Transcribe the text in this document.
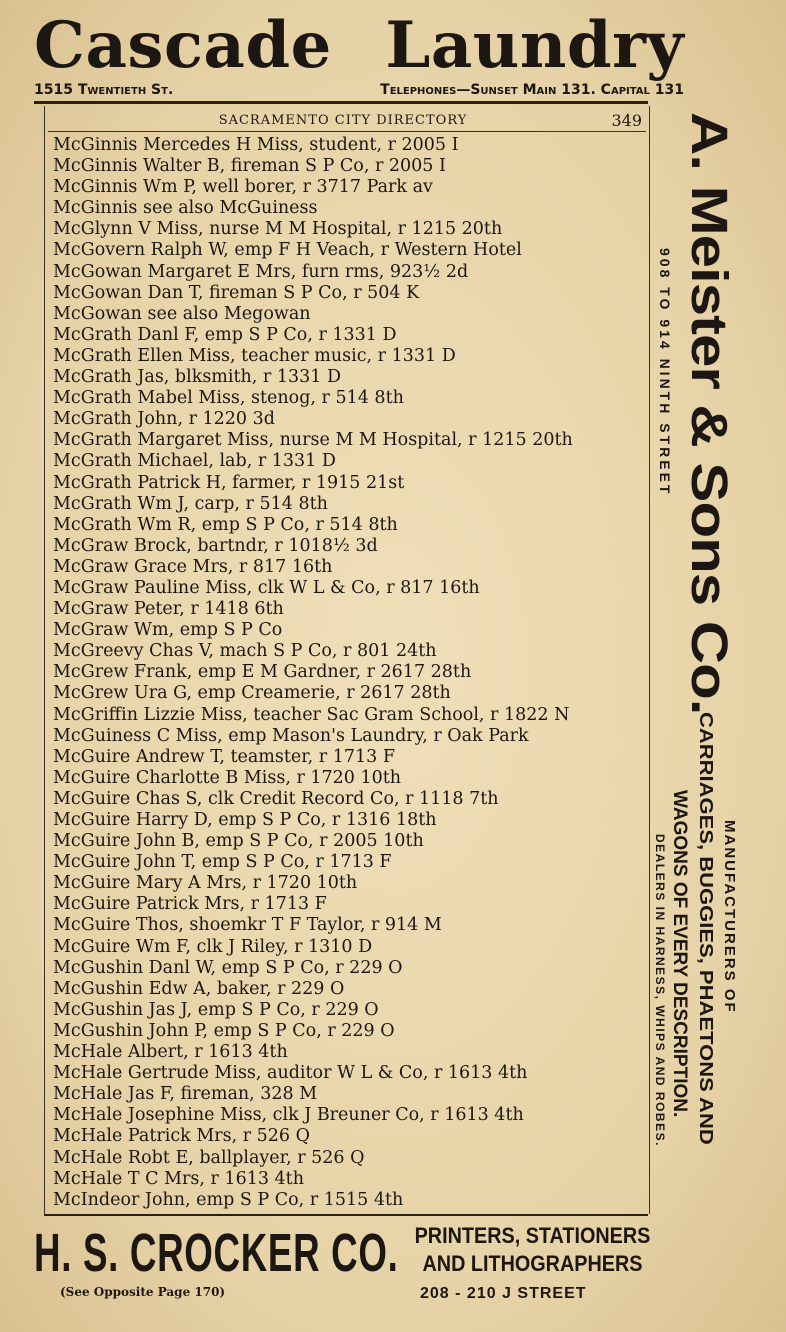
Cascade Laundry
1515 Twentieth St.	Telephones—Sunset Main 131. Capital 131
SACRAMENTO CITY DIRECTORY	349
McGinnis Mercedes H Miss, student, r 2005 I
McGinnis Walter B, fireman S P Co, r 2005 I
McGinnis Wm P, well borer, r 3717 Park av
McGinnis see also McGuiness
McGlynn V Miss, nurse M M Hospital, r 1215 20th
McGovern Ralph W, emp F H Veach, r Western Hotel
McGowan Margaret E Mrs, furn rms, 923½ 2d
McGowan Dan T, fireman S P Co, r 504 K
McGowan see also Megowan
McGrath Danl F, emp S P Co, r 1331 D
McGrath Ellen Miss, teacher music, r 1331 D
McGrath Jas, blksmith, r 1331 D
McGrath Mabel Miss, stenog, r 514 8th
McGrath John, r 1220 3d
McGrath Margaret Miss, nurse M M Hospital, r 1215 20th
McGrath Michael, lab, r 1331 D
McGrath Patrick H, farmer, r 1915 21st
McGrath Wm J, carp, r 514 8th
McGrath Wm R, emp S P Co, r 514 8th
McGraw Brock, bartndr, r 1018½ 3d
McGraw Grace Mrs, r 817 16th
McGraw Pauline Miss, clk W L & Co, r 817 16th
McGraw Peter, r 1418 6th
McGraw Wm, emp S P Co
McGreevy Chas V, mach S P Co, r 801 24th
McGrew Frank, emp E M Gardner, r 2617 28th
McGrew Ura G, emp Creamerie, r 2617 28th
McGriffin Lizzie Miss, teacher Sac Gram School, r 1822 N
McGuiness C Miss, emp Mason's Laundry, r Oak Park
McGuire Andrew T, teamster, r 1713 F
McGuire Charlotte B Miss, r 1720 10th
McGuire Chas S, clk Credit Record Co, r 1118 7th
McGuire Harry D, emp S P Co, r 1316 18th
McGuire John B, emp S P Co, r 2005 10th
McGuire John T, emp S P Co, r 1713 F
McGuire Mary A Mrs, r 1720 10th
McGuire Patrick Mrs, r 1713 F
McGuire Thos, shoemkr T F Taylor, r 914 M
McGuire Wm F, clk J Riley, r 1310 D
McGushin Danl W, emp S P Co, r 229 O
McGushin Edw A, baker, r 229 O
McGushin Jas J, emp S P Co, r 229 O
McGushin John P, emp S P Co, r 229 O
McHale Albert, r 1613 4th
McHale Gertrude Miss, auditor W L & Co, r 1613 4th
McHale Jas F, fireman, 328 M
McHale Josephine Miss, clk J Breuner Co, r 1613 4th
McHale Patrick Mrs, r 526 Q
McHale Robt E, ballplayer, r 526 Q
McHale T C Mrs, r 1613 4th
McIndeor John, emp S P Co, r 1515 4th
H. S. CROCKER CO. PRINTERS, STATIONERS
AND LITHOGRAPHERS
(See Opposite Page 170)	208 - 210 J STREET
A. Meister & Sons Co.
908 TO 914 NINTH STREET
MANUFACTURERS OF
CARRIAGES, BUGGIES, PHAETONS AND
WAGONS OF EVERY DESCRIPTION.
DEALERS IN HARNESS, WHIPS AND ROBES.
